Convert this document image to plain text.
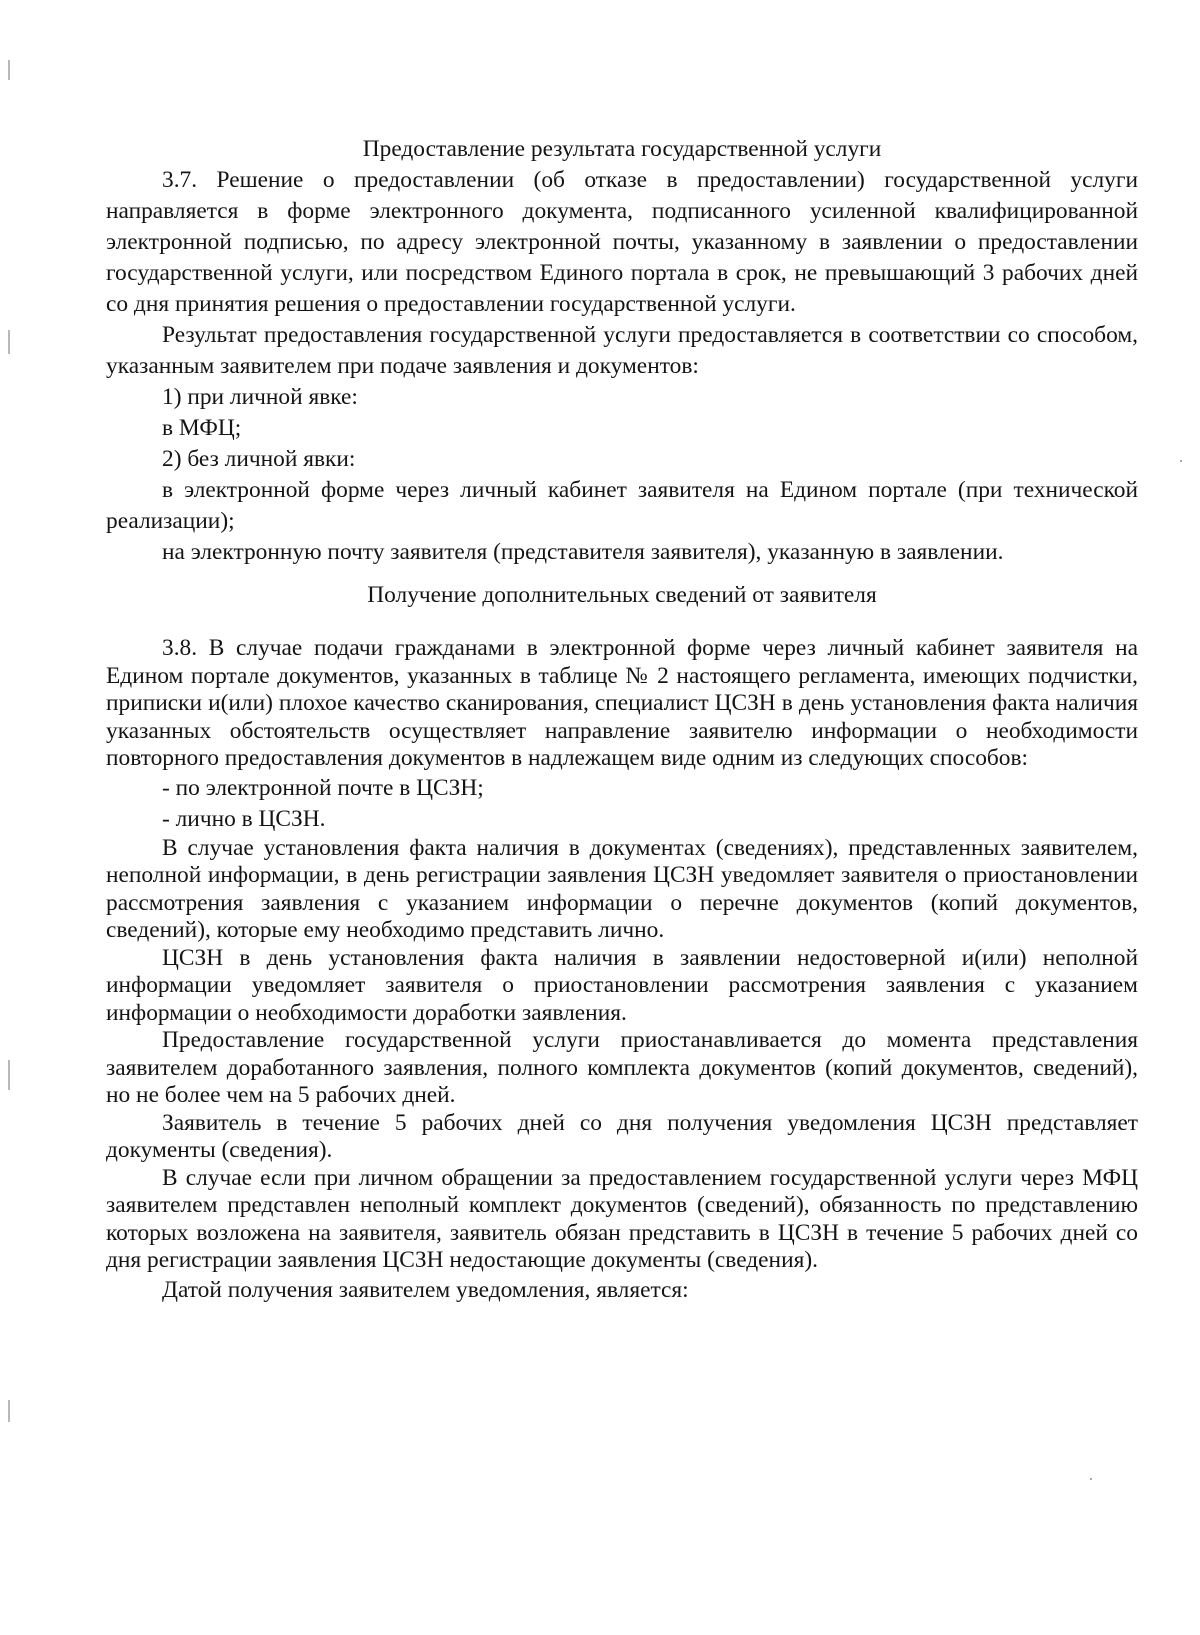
Предоставление результата государственной услуги

3.7. Решение о предоставлении (об отказе в предоставлении) государственной услуги направляется в форме электронного документа, подписанного усиленной квалифицированной электронной подписью, по адресу электронной почты, указанному в заявлении о предоставлении государственной услуги, или посредством Единого портала в срок, не превышающий 3 рабочих дней со дня принятия решения о предоставлении государственной услуги.

Результат предоставления государственной услуги предоставляется в соответствии со способом, указанным заявителем при подаче заявления и документов:

1) при личной явке:

в МФЦ;

2) без личной явки:

в электронной форме через личный кабинет заявителя на Едином портале (при технической реализации);

на электронную почту заявителя (представителя заявителя), указанную в заявлении.

Получение дополнительных сведений от заявителя

3.8. В случае подачи гражданами в электронной форме через личный кабинет заявителя на Едином портале документов, указанных в таблице № 2 настоящего регламента, имеющих подчистки, приписки и(или) плохое качество сканирования, специалист ЦСЗН в день установления факта наличия указанных обстоятельств осуществляет направление заявителю информации о необходимости повторного предоставления документов в надлежащем виде одним из следующих способов:

- по электронной почте в ЦСЗН;

- лично в ЦСЗН.

В случае установления факта наличия в документах (сведениях), представленных заявителем, неполной информации, в день регистрации заявления ЦСЗН уведомляет заявителя о приостановлении рассмотрения заявления с указанием информации о перечне документов (копий документов, сведений), которые ему необходимо представить лично.

ЦСЗН в день установления факта наличия в заявлении недостоверной и(или) неполной информации уведомляет заявителя о приостановлении рассмотрения заявления с указанием информации о необходимости доработки заявления.

Предоставление государственной услуги приостанавливается до момента представления заявителем доработанного заявления, полного комплекта документов (копий документов, сведений), но не более чем на 5 рабочих дней.

Заявитель в течение 5 рабочих дней со дня получения уведомления ЦСЗН представляет документы (сведения).

В случае если при личном обращении за предоставлением государственной услуги через МФЦ заявителем представлен неполный комплект документов (сведений), обязанность по представлению которых возложена на заявителя, заявитель обязан представить в ЦСЗН в течение 5 рабочих дней со дня регистрации заявления ЦСЗН недостающие документы (сведения).

Датой получения заявителем уведомления, является:
